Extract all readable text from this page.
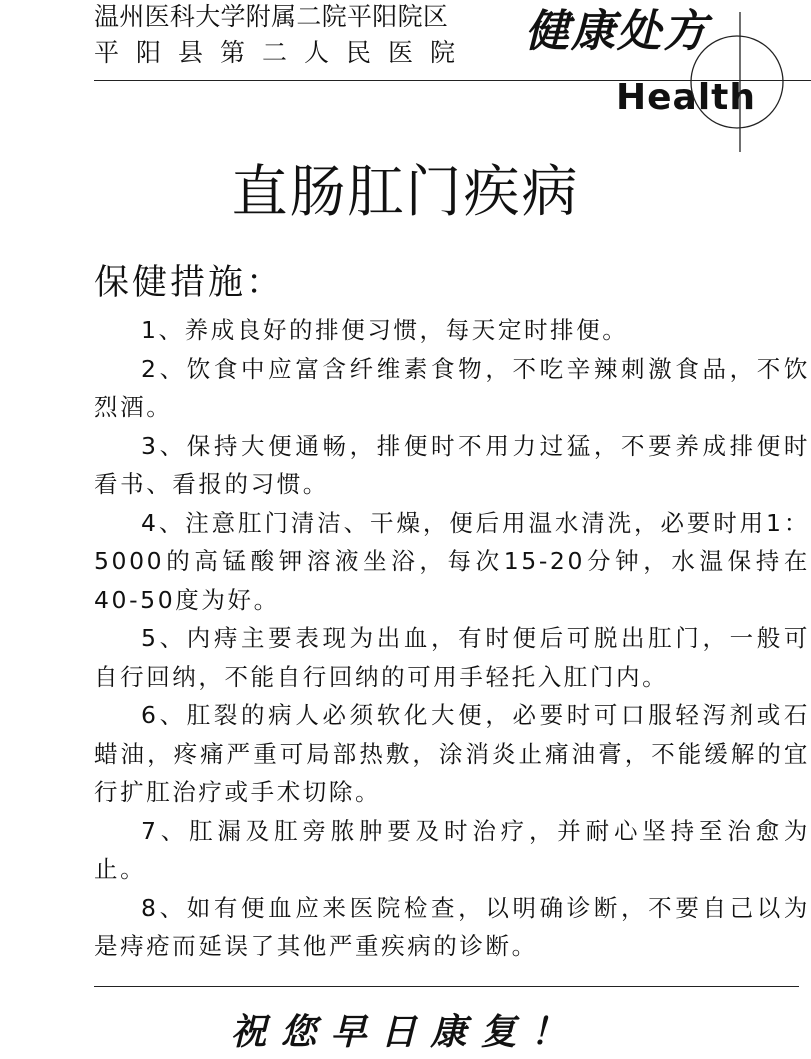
温州医科大学附属二院平阳院区

平阳县第二人民医院 健康处方

Health

直肠肛门疾病
保健措施：

1、养成良好的排便习惯，每天定时排便。

2、饮食中应富含纤维素食物，不吃辛辣刺激食品，不饮烈酒。

3、保持大便通畅，排便时不用力过猛，不要养成排便时看书、看报的习惯。

4、注意肛门清洁、干燥，便后用温水清洗，必要时用1：5000的高锰酸钾溶液坐浴，每次15-20分钟，水温保持在40-50度为好。

5、内痔主要表现为出血，有时便后可脱出肛门，一般可自行回纳，不能自行回纳的可用手轻托入肛门内。

6、肛裂的病人必须软化大便，必要时可口服轻泻剂或石蜡油，疼痛严重可局部热敷，涂消炎止痛油膏，不能缓解的宜行扩肛治疗或手术切除。

7、肛漏及肛旁脓肿要及时治疗，并耐心坚持至治愈为止。

8、如有便血应来医院检查，以明确诊断，不要自己以为是痔疮而延误了其他严重疾病的诊断。

祝您早日康复！
